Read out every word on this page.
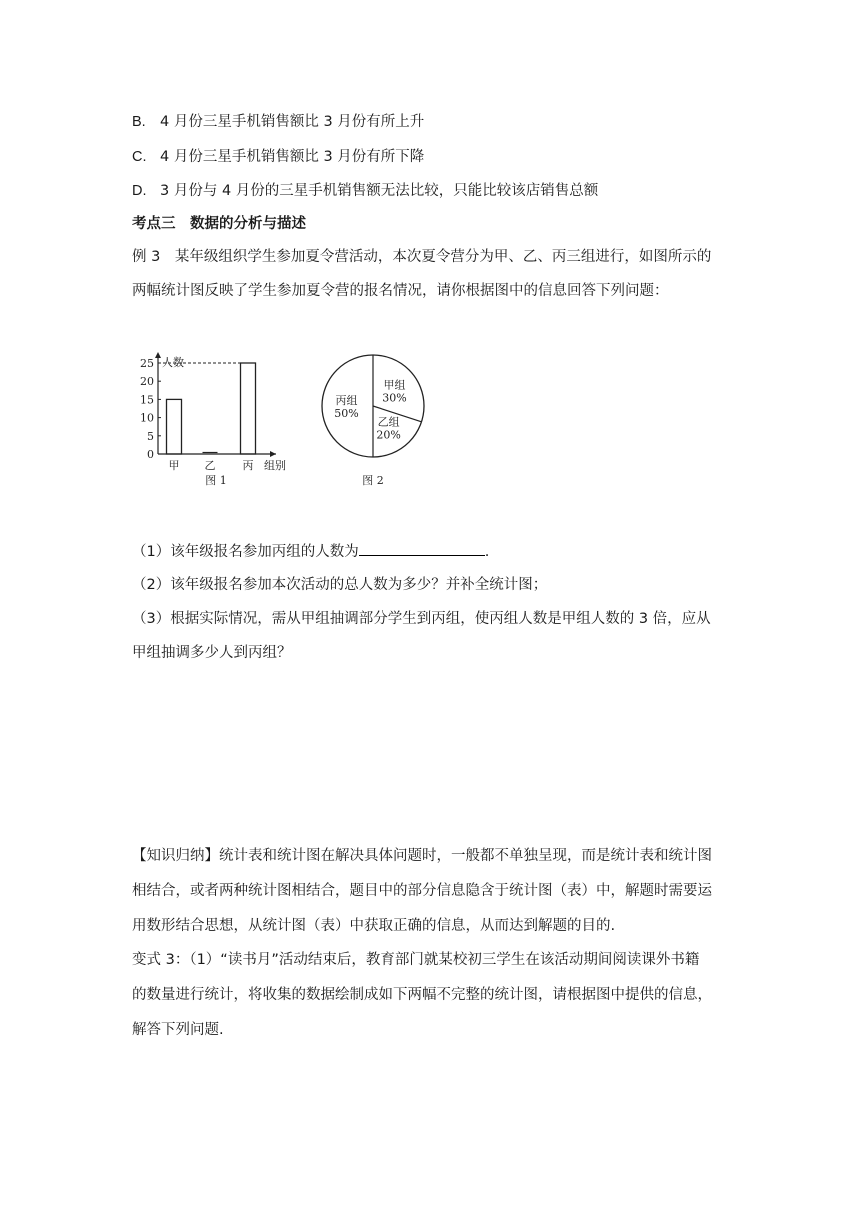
B. 4 月份三星手机销售额比 3 月份有所上升
C. 4 月份三星手机销售额比 3 月份有所下降
D. 3 月份与 4 月份的三星手机销售额无法比较，只能比较该店销售总额
考点三　数据的分析与描述
例 3　某年级组织学生参加夏令营活动，本次夏令营分为甲、乙、丙三组进行，如图所示的
两幅统计图反映了学生参加夏令营的报名情况，请你根据图中的信息回答下列问题：
人数
组别
0
5
10
15
20
25
甲 乙 丙
图 1
甲组
30%
乙组
20%
丙组
50%
图 2
（1）该年级报名参加丙组的人数为	.
（2）该年级报名参加本次活动的总人数为多少？并补全统计图；
（3）根据实际情况，需从甲组抽调部分学生到丙组，使丙组人数是甲组人数的 3 倍，应从
甲组抽调多少人到丙组？
【知识归纳】统计表和统计图在解决具体问题时，一般都不单独呈现，而是统计表和统计图
相结合，或者两种统计图相结合，题目中的部分信息隐含于统计图（表）中，解题时需要运
用数形结合思想，从统计图（表）中获取正确的信息，从而达到解题的目的.
变式 3：（1）“读书月”活动结束后，教育部门就某校初三学生在该活动期间阅读课外书籍
的数量进行统计，将收集的数据绘制成如下两幅不完整的统计图，请根据图中提供的信息，
解答下列问题.
